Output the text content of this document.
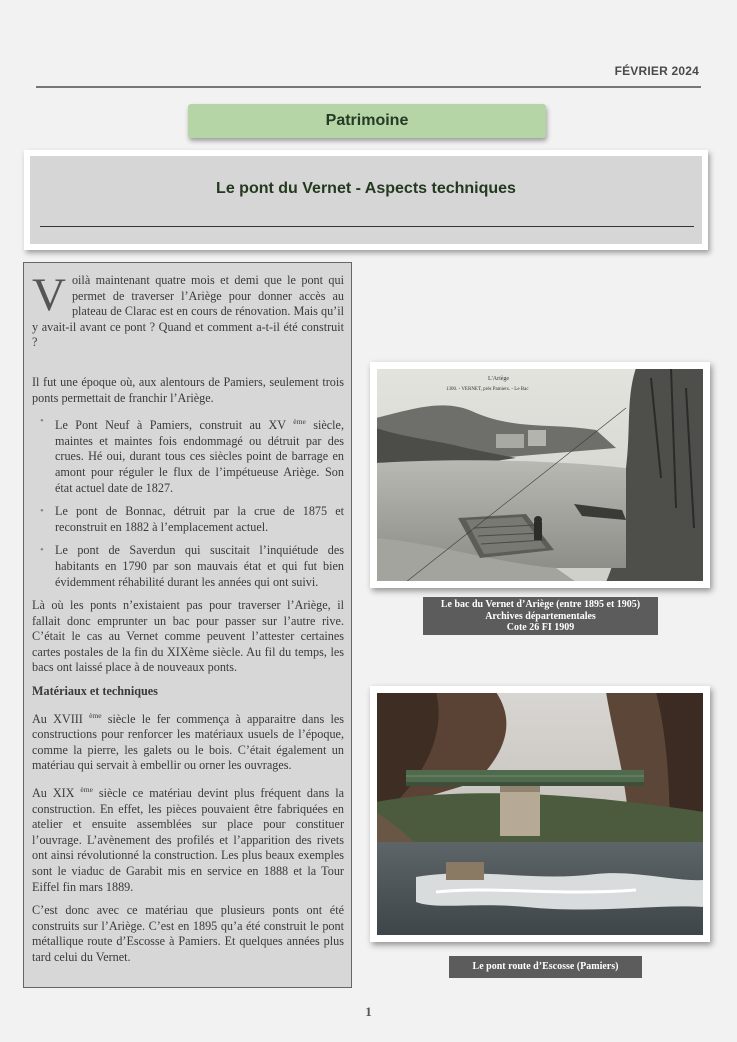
FÉVRIER 2024
Patrimoine
Le pont du Vernet - Aspects techniques

Voilà maintenant quatre mois et demi que le pont qui permet de traverser l’Ariège pour donner accès au plateau de Clarac est en cours de rénovation. Mais qu’il y avait-il avant ce pont ? Quand et comment a-t-il été construit ?

Il fut une époque où, aux alentours de Pamiers, seulement trois ponts permettait de franchir l’Ariège.

• Le Pont Neuf à Pamiers, construit au XV $^{ème}$ siècle, maintes et maintes fois endommagé ou détruit par des crues. Hé oui, durant tous ces siècles point de barrage en amont pour réguler le flux de l’impétueuse Ariège. Son état actuel date de 1827.
• Le pont de Bonnac, détruit par la crue de 1875 et reconstruit en 1882 à l’emplacement actuel.
• Le pont de Saverdun qui suscitait l’inquiétude des habitants en 1790 par son mauvais état et qui fut bien évidemment réhabilité durant les années qui ont suivi.

Là où les ponts n’existaient pas pour traverser l’Ariège, il fallait donc emprunter un bac pour passer sur l’autre rive. C’était le cas au Vernet comme peuvent l’attester certaines cartes postales de la fin du XIXème siècle. Au fil du temps, les bacs ont laissé place à de nouveaux ponts.

Matériaux et techniques

Au XVIII $^{ème}$ siècle le fer commença à apparaitre dans les constructions pour renforcer les matériaux usuels de l’époque, comme la pierre, les galets ou le bois. C’était également un matériau qui servait à embellir ou orner les ouvrages.

Au XIX $^{ème}$ siècle ce matériau devint plus fréquent dans la construction. En effet, les pièces pouvaient être fabriquées en atelier et ensuite assemblées sur place pour constituer l’ouvrage. L’avènement des profilés et l’apparition des rivets ont ainsi révolutionné la construction. Les plus beaux exemples sont le viaduc de Garabit mis en service en 1888 et la Tour Eiffel fin mars 1889.

C’est donc avec ce matériau que plusieurs ponts ont été construits sur l’Ariège. C’est en 1895 qu’a été construit le pont métallique route d’Escosse à Pamiers. Et quelques années plus tard celui du Vernet.

L'Ariège
1300. - VERNET, près Pamiers. - Le Bac
Le bac du Vernet d’Ariège (entre 1895 et 1905)
Archives départementales
Cote 26 FI 1909
Le pont route d’Escosse (Pamiers)
1
